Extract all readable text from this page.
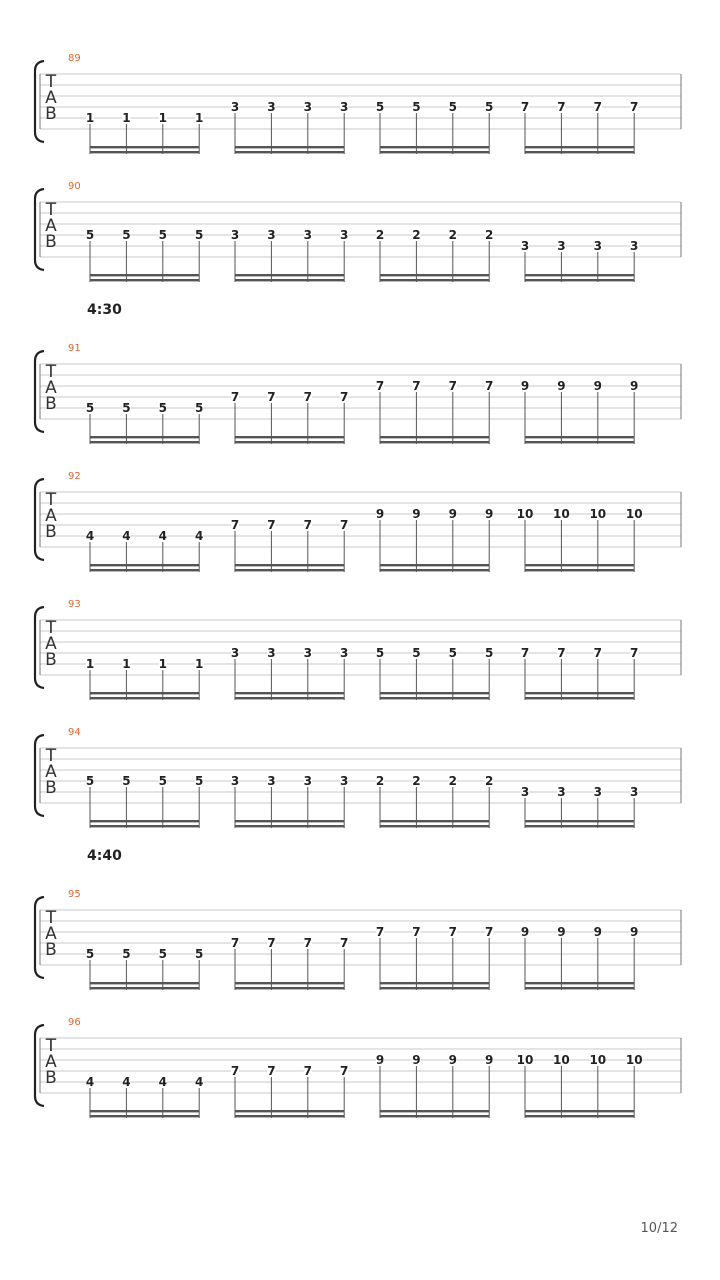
89
T
A
B 1 1 1 1
3 3 3 3 5 5 5 5 7 7 7 7
90
T
A
B 5 5 5 5 3 3 3 3 2 2 2 2
3 3 3 3
4:30
91
T
A
B 5 5 5 5
7 7 7 7
7 7 7 7 9 9 9 9
92
T
A
B 4 4 4 4
7 7 7 7
9 9 9 9 10 10 10 10
93
T
A
B 1 1 1 1
3 3 3 3 5 5 5 5 7 7 7 7
94
T
A
B 5 5 5 5 3 3 3 3 2 2 2 2
3 3 3 3
4:40
95
T
A
B 5 5 5 5
7 7 7 7
7 7 7 7 9 9 9 9
96
T
A
B 4 4 4 4
7 7 7 7
9 9 9 9 10 10 10 10
10/12
